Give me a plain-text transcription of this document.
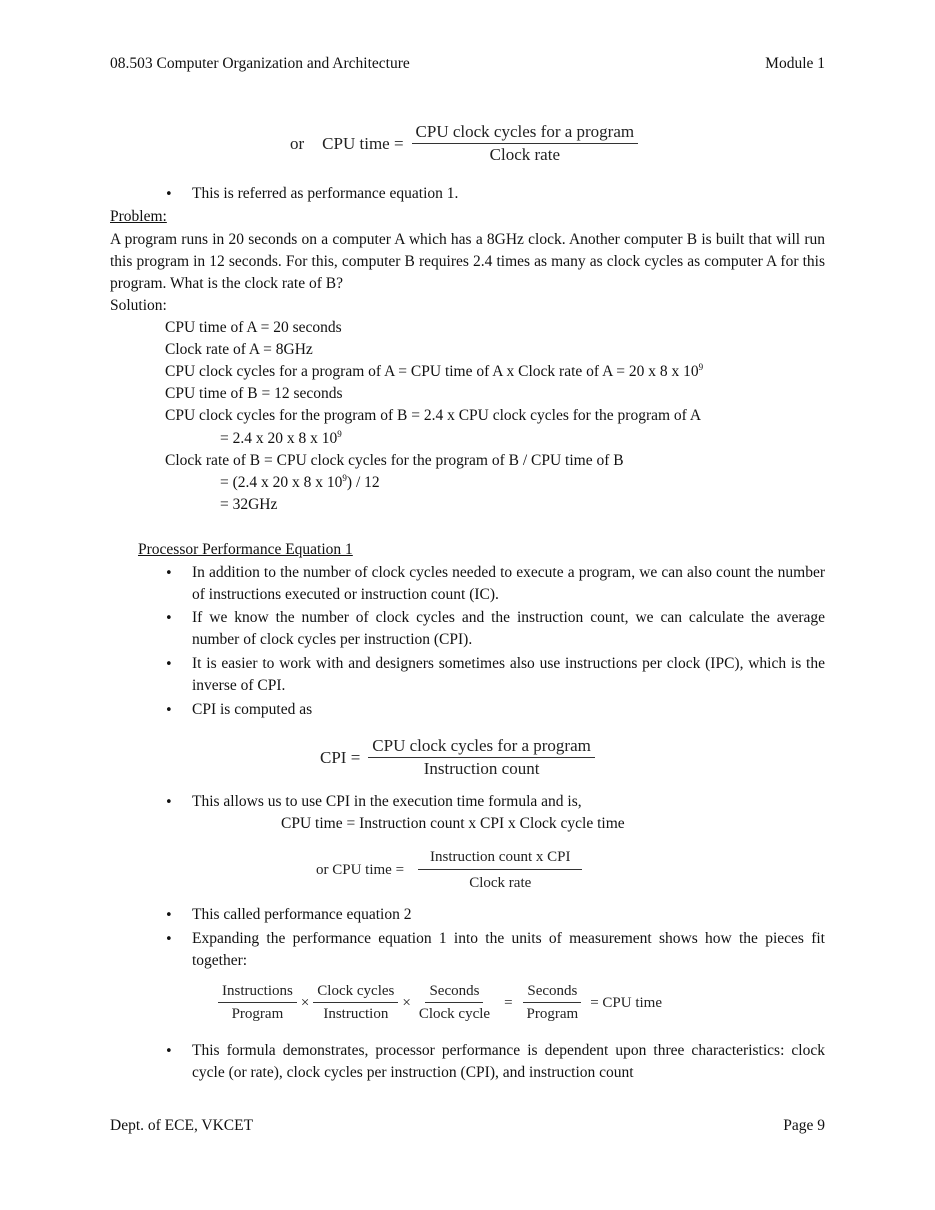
08.503 Computer Organization and Architecture	Module 1
or CPU time = $\frac{\text{CPU clock cycles for a program}}{\text{Clock rate}}$
•
This is referred as performance equation 1.
Problem:
A program runs in 20 seconds on a computer A which has a 8GHz clock. Another computer B is built that will run this program in 12 seconds. For this, computer B requires 2.4 times as many as clock cycles as computer A for this program. What is the clock rate of B?
Solution:
CPU time of A = 20 seconds
Clock rate of A = 8GHz
CPU clock cycles for a program of A = CPU time of A x Clock rate of A = 20 x 8 x $10^9$
CPU time of B = 12 seconds
CPU clock cycles for the program of B = 2.4 x CPU clock cycles for the program of A
= 2.4 x 20 x 8 x $10^9$
Clock rate of B = CPU clock cycles for the program of B / CPU time of B
= (2.4 x 20 x 8 x $10^9) / 12$
= 32GHz
Processor Performance Equation 1
•
In addition to the number of clock cycles needed to execute a program, we can also count the number of instructions executed or instruction count (IC).
•
If we know the number of clock cycles and the instruction count, we can calculate the average number of clock cycles per instruction (CPI).
•
It is easier to work with and designers sometimes also use instructions per clock (IPC), which is the inverse of CPI.
•
CPI is computed as
CPI = $\frac{\text{CPU clock cycles for a program}}{\text{Instruction count}}$
•
This allows us to use CPI in the execution time formula and is,
CPU time = Instruction count x CPI x Clock cycle time
or CPU time = $\frac{\text{Instruction count x CPI}}{\text{Clock rate}}$
•
This called performance equation 2
•
Expanding the performance equation 1 into the units of measurement shows how the pieces fit together:
$\frac{\text{Instructions}}{\text{Program}} \times \frac{\text{Clock cycles}}{\text{Instruction}} \times \frac{\text{Seconds}}{\text{Clock cycle}} = \frac{\text{Seconds}}{\text{Program}}$ = CPU time
•
This formula demonstrates, processor performance is dependent upon three characteristics: clock cycle (or rate), clock cycles per instruction (CPI), and instruction count
Dept. of ECE, VKCET	Page 9
